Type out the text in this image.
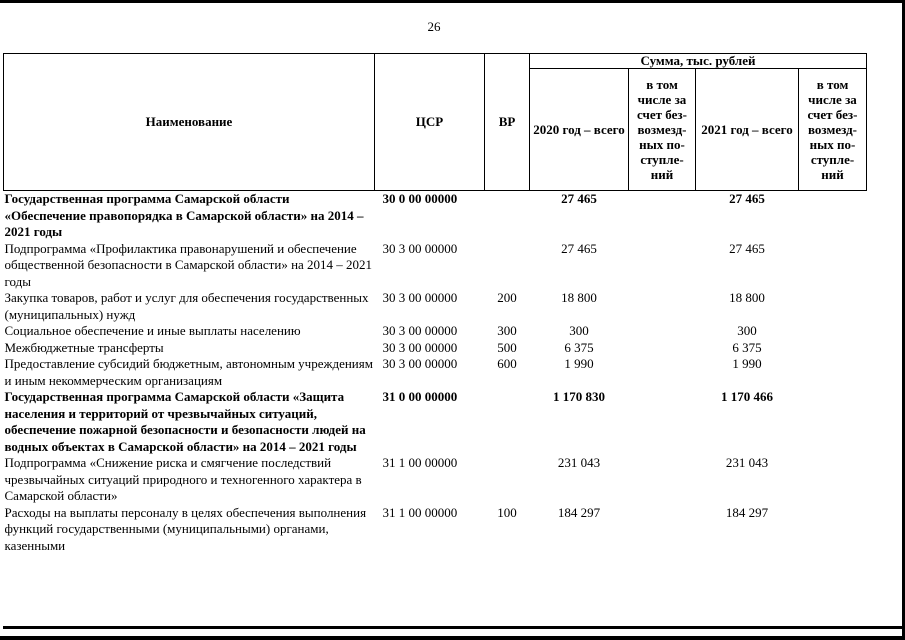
26
Наименование	ЦСР	ВР	Сумма, тыс. рублей			
			2020 год – всего	в том числе за счет без-возмезд-ных по-ступле-ний	2021 год – всего	в том числе за счет без-возмезд-ных по-ступле-ний
Государственная программа Самарской области «Обеспечение правопорядка в Самарской области» на 2014 – 2021 годы	30 0 00 00000		27 465		27 465	
Подпрограмма «Профилактика правонарушений и обеспечение общественной безопасности в Самарской области» на 2014 – 2021 годы	30 3 00 00000		27 465		27 465	
Закупка товаров, работ и услуг для обеспечения государственных (муниципальных) нужд	30 3 00 00000	200	18 800		18 800	
Социальное обеспечение и иные выплаты населению	30 3 00 00000	300	300		300	
Межбюджетные трансферты	30 3 00 00000	500	6 375		6 375	
Предоставление субсидий бюджетным, автономным учреждениям и иным некоммерческим организациям	30 3 00 00000	600	1 990		1 990	
Государственная программа Самарской области «Защита населения и территорий от чрезвычайных ситуаций, обеспечение пожарной безопасности и безопасности людей на водных объектах в Самарской области» на 2014 – 2021 годы	31 0 00 00000		1 170 830		1 170 466	
Подпрограмма «Снижение риска и смягчение последствий чрезвычайных ситуаций природного и техногенного характера в Самарской области»	31 1 00 00000		231 043		231 043	
Расходы на выплаты персоналу в целях обеспечения выполнения функций государственными (муниципальными) органами, казенными	31 1 00 00000	100	184 297		184 297	
